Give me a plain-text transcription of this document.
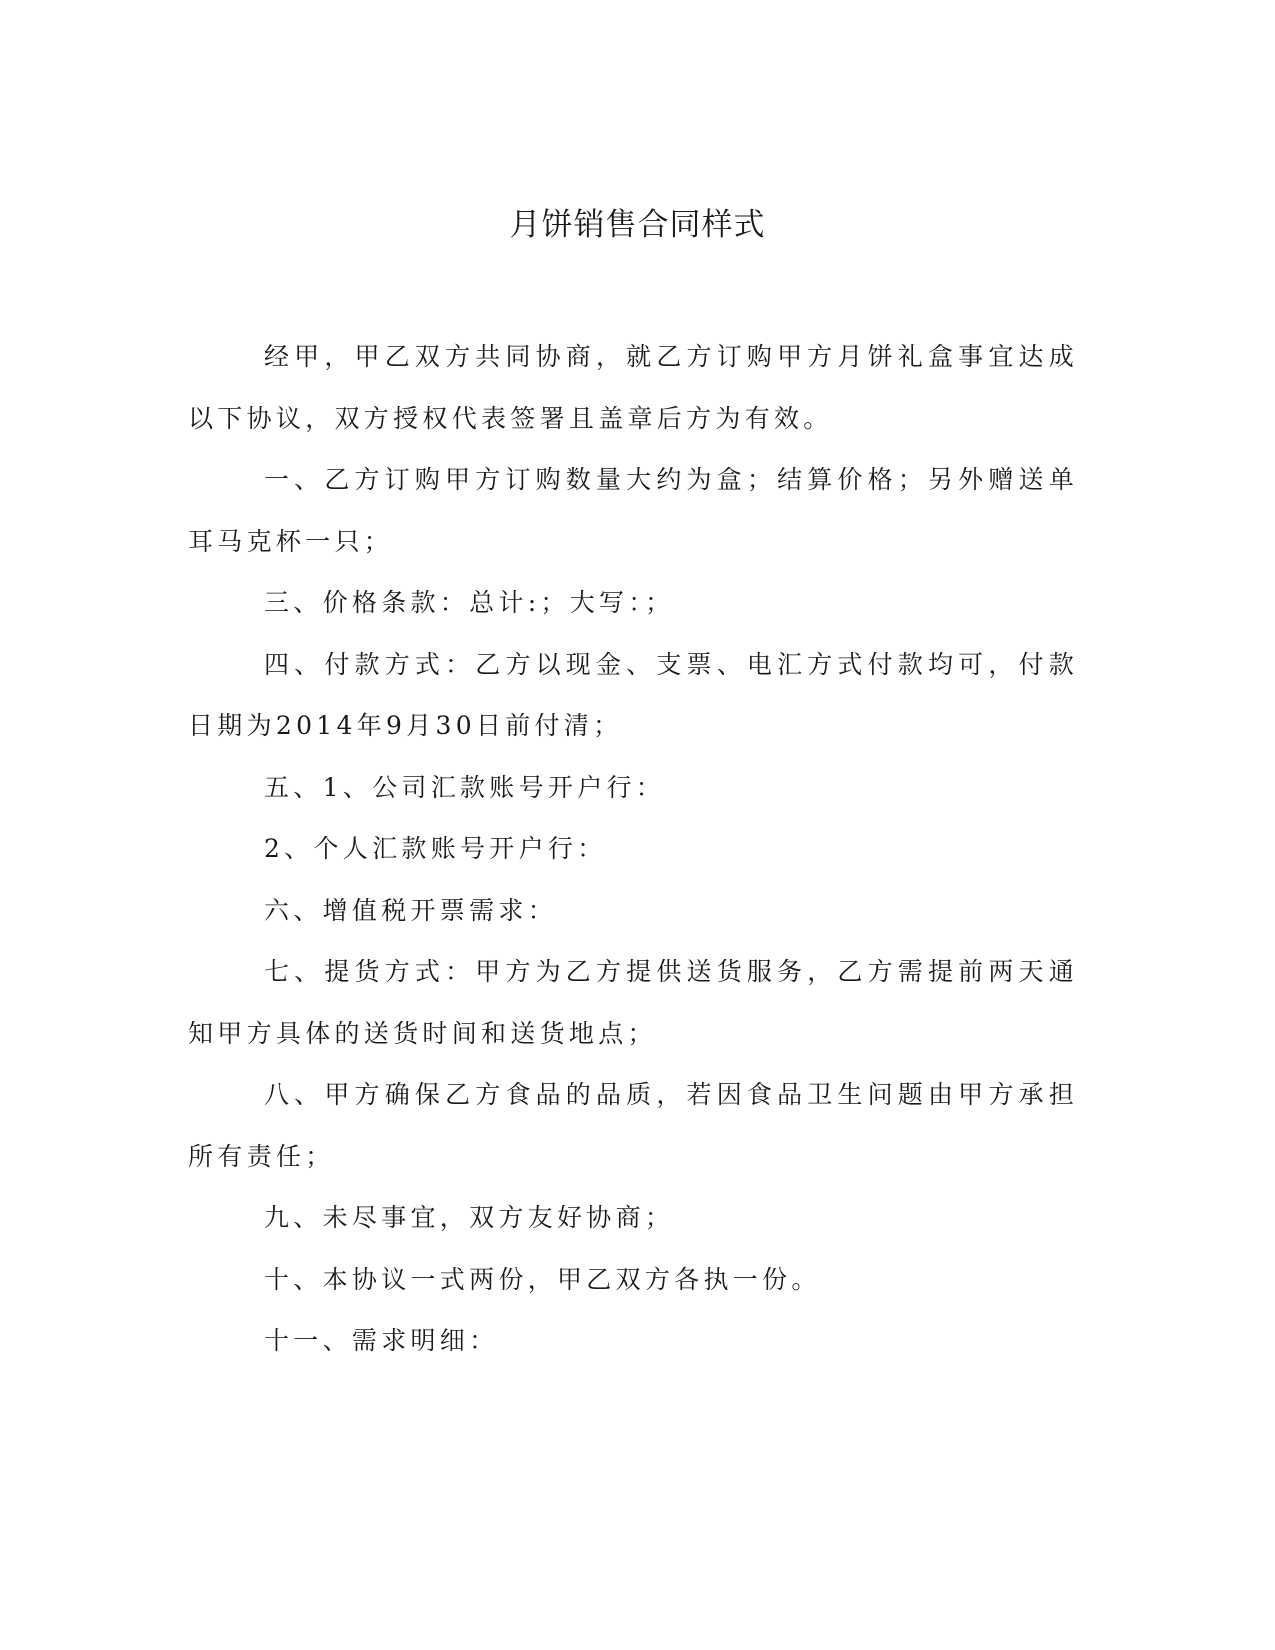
月饼销售合同样式

经甲，甲乙双方共同协商，就乙方订购甲方月饼礼盒事宜达成以下协议，双方授权代表签署且盖章后方为有效。

一、乙方订购甲方订购数量大约为盒；结算价格；另外赠送单耳马克杯一只；

三、价格条款：总计:；大写：；

四、付款方式：乙方以现金、支票、电汇方式付款均可，付款日期为2014年9月30日前付清；

五、1、公司汇款账号开户行：

2、个人汇款账号开户行：

六、增值税开票需求：

七、提货方式：甲方为乙方提供送货服务，乙方需提前两天通知甲方具体的送货时间和送货地点；

八、甲方确保乙方食品的品质，若因食品卫生问题由甲方承担所有责任；

九、未尽事宜，双方友好协商；

十、本协议一式两份，甲乙双方各执一份。

十一、需求明细：
